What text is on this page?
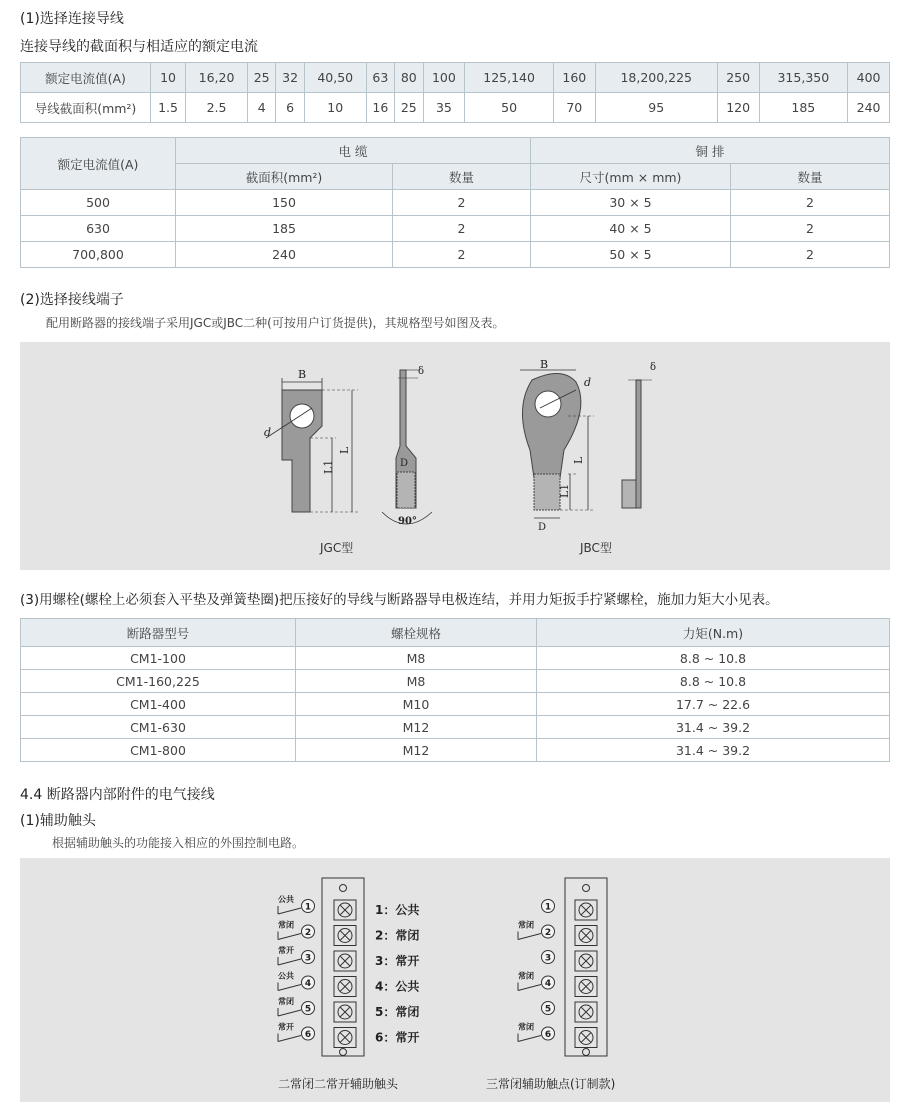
(1)选择连接导线
连接导线的截面积与相适应的额定电流
额定电流值(A)	10	16,20	25	32	40,50	63	80	100	125,140	160	18,200,225	250	315,350	400
导线截面积(mm²)	1.5	2.5	4	6	10	16	25	35	50	70	95	120	185	240
额定电流值(A)	电 缆		铜 排	
	截面积(mm²)	数量	尺寸(mm × mm)	数量
500	150	2	30 × 5	2
630	185	2	40 × 5	2
700,800	240	2	50 × 5	2
(2)选择接线端子
配用断路器的接线端子采用JGC或JBC二种(可按用户订货提供)，其规格型号如图及表。
B
d
L
L1
δ
D
90°
JGC型
B
d
L
L1
D
δ
JBC型
(3)用螺栓(螺栓上必须套入平垫及弹簧垫圈)把压接好的导线与断路器导电极连结，并用力矩扳手拧紧螺栓，施加力矩大小见表。
断路器型号	螺栓规格	力矩(N.m)
CM1-100	M8	8.8 ~ 10.8
CM1-160,225	M8	8.8 ~ 10.8
CM1-400	M10	17.7 ~ 22.6
CM1-630	M12	31.4 ~ 39.2
CM1-800	M12	31.4 ~ 39.2
4.4 断路器内部附件的电气接线
(1)辅助触头
根据辅助触头的功能接入相应的外围控制电路。
1：公共
2：常闭
3：常开
4：公共
5：常闭
6：常开
1
2
3
4
5
6
公共
常闭
常开
公共
常闭
常开
二常闭二常开辅助触头
1
2
3
4
5
6
常闭
常闭
常闭
三常闭辅助触点(订制款)
